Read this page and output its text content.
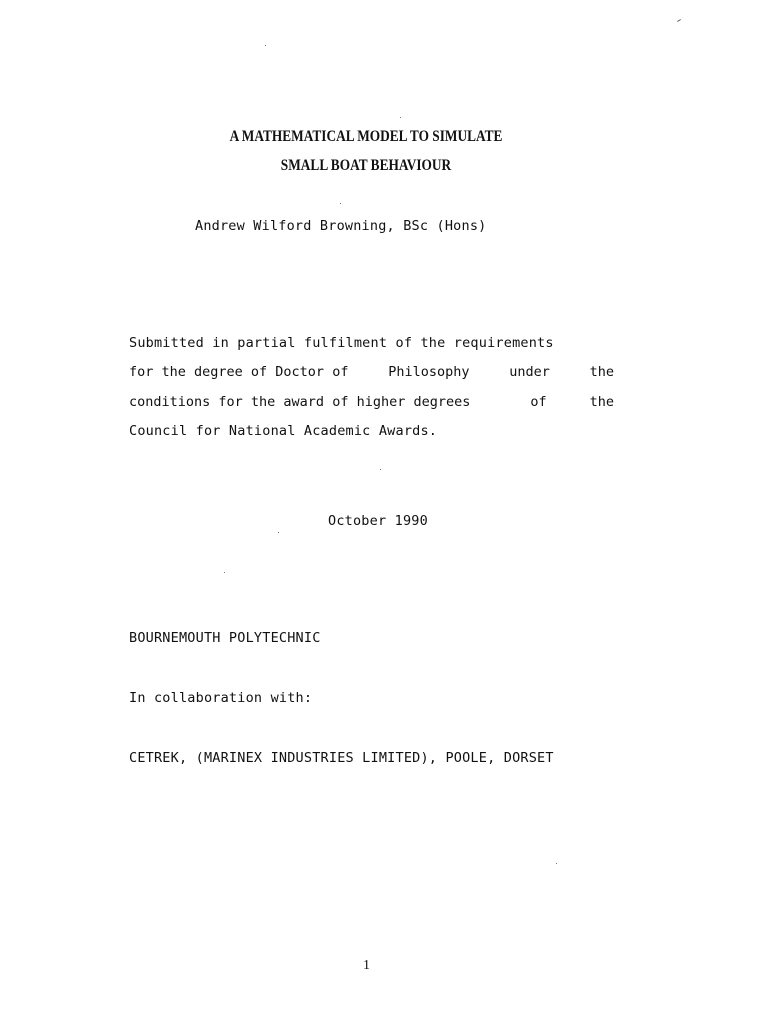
A MATHEMATICAL MODEL TO SIMULATE
SMALL BOAT BEHAVIOUR
Andrew Wilford Browning, BSc (Hons)
Submitted in partial fulfilment of the requirements
for the degree of Doctor of	Philosophy	under	the
conditions for the award of higher degrees	of	the
Council for National Academic Awards.
October 1990
BOURNEMOUTH POLYTECHNIC
In collaboration with:
CETREK, (MARINEX INDUSTRIES LIMITED), POOLE, DORSET
1
